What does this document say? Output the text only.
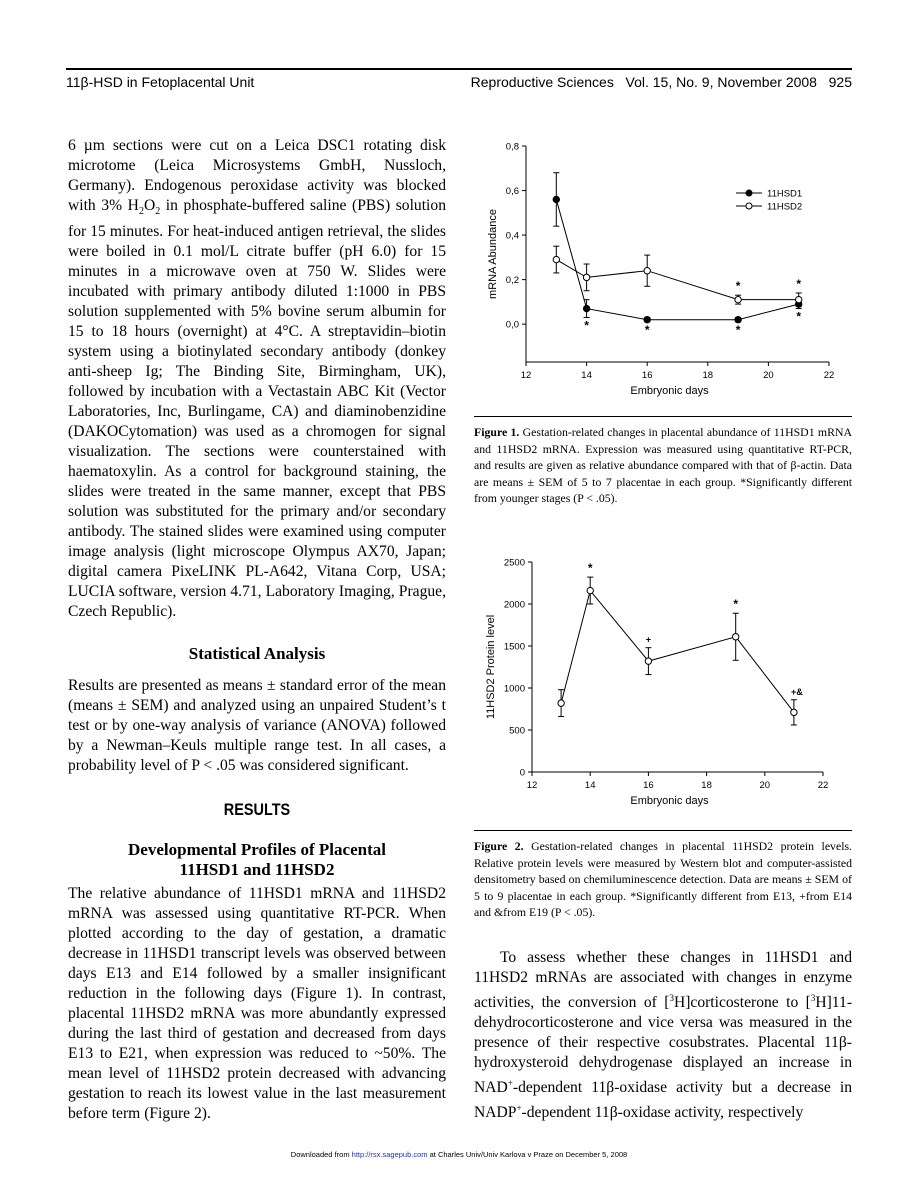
11β-HSD in Fetoplacental Unit	Reproductive Sciences   Vol. 15, No. 9, November 2008   925

6 µm sections were cut on a Leica DSC1 rotating disk microtome (Leica Microsystems GmbH, Nussloch, Germany). Endogenous peroxidase activity was blocked with 3% $H_2O_2$ in phosphate-buffered saline (PBS) solution for 15 minutes. For heat-induced antigen retrieval, the slides were boiled in 0.1 mol/L citrate buffer (pH 6.0) for 15 minutes in a microwave oven at 750 W. Slides were incubated with primary antibody diluted 1:1000 in PBS solution supplemented with 5% bovine serum albumin for 15 to 18 hours (overnight) at 4°C. A streptavidin–biotin system using a biotinylated secondary antibody (donkey anti-sheep Ig; The Binding Site, Birmingham, UK), followed by incubation with a Vectastain ABC Kit (Vector Laboratories, Inc, Burlingame, CA) and diaminobenzidine (DAKOCytomation) was used as a chromogen for signal visualization. The sections were counterstained with haematoxylin. As a control for background staining, the slides were treated in the same manner, except that PBS solution was substituted for the primary and/or secondary antibody. The stained slides were examined using computer image analysis (light microscope Olympus AX70, Japan; digital camera PixeLINK PL-A642, Vitana Corp, USA; LUCIA software, version 4.71, Laboratory Imaging, Prague, Czech Republic).

Statistical Analysis

Results are presented as means ± standard error of the mean (means ± SEM) and analyzed using an unpaired Student’s t test or by one-way analysis of variance (ANOVA) followed by a Newman–Keuls multiple range test. In all cases, a probability level of P < .05 was considered significant.

RESULTS
Developmental Profiles of Placental
11HSD1 and 11HSD2

The relative abundance of 11HSD1 mRNA and 11HSD2 mRNA was assessed using quantitative RT-PCR. When plotted according to the day of gestation, a dramatic decrease in 11HSD1 transcript levels was observed between days E13 and E14 followed by a smaller insignificant reduction in the following days (Figure 1). In contrast, placental 11HSD2 mRNA was more abundantly expressed during the last third of gestation and decreased from days E13 to E21, when expression was reduced to ~50%. The mean level of 11HSD2 protein decreased with advancing gestation to reach its lowest value in the last measurement before term (Figure 2).

0,0
0,2
0,4
0,6
0,8
12	14	16	18	20	22
Embryonic days
mRNA Abundance
*	*	*
*
*	*
11HSD1
11HSD2

Figure 1. Gestation-related changes in placental abundance of 11HSD1 mRNA and 11HSD2 mRNA. Expression was measured using quantitative RT-PCR, and results are given as relative abundance compared with that of β-actin. Data are means ± SEM of 5 to 7 placentae in each group. *Significantly different from younger stages (P < .05).

0
500
1000
1500
2000
2500
12	14	16	18	20	22
Embryonic days
11HSD2 Protein level
*
+
*
+&

Figure 2. Gestation-related changes in placental 11HSD2 protein levels. Relative protein levels were measured by Western blot and computer-assisted densitometry based on chemiluminescence detection. Data are means ± SEM of 5 to 9 placentae in each group. *Significantly different from E13, +from E14 and &from E19 (P < .05).

To assess whether these changes in 11HSD1 and 11HSD2 mRNAs are associated with changes in enzyme activities, the conversion of [$^3$H]corticosterone to [$^3$H]11-dehydrocorticosterone and vice versa was measured in the presence of their respective cosubstrates. Placental 11β-hydroxysteroid dehydrogenase displayed an increase in NAD+-dependent 11β-oxidase activity but a decrease in NADP+-dependent 11β-oxidase activity, respectively

Downloaded from http://rsx.sagepub.com at Charles Univ/Univ Karlova v Praze on December 5, 2008
